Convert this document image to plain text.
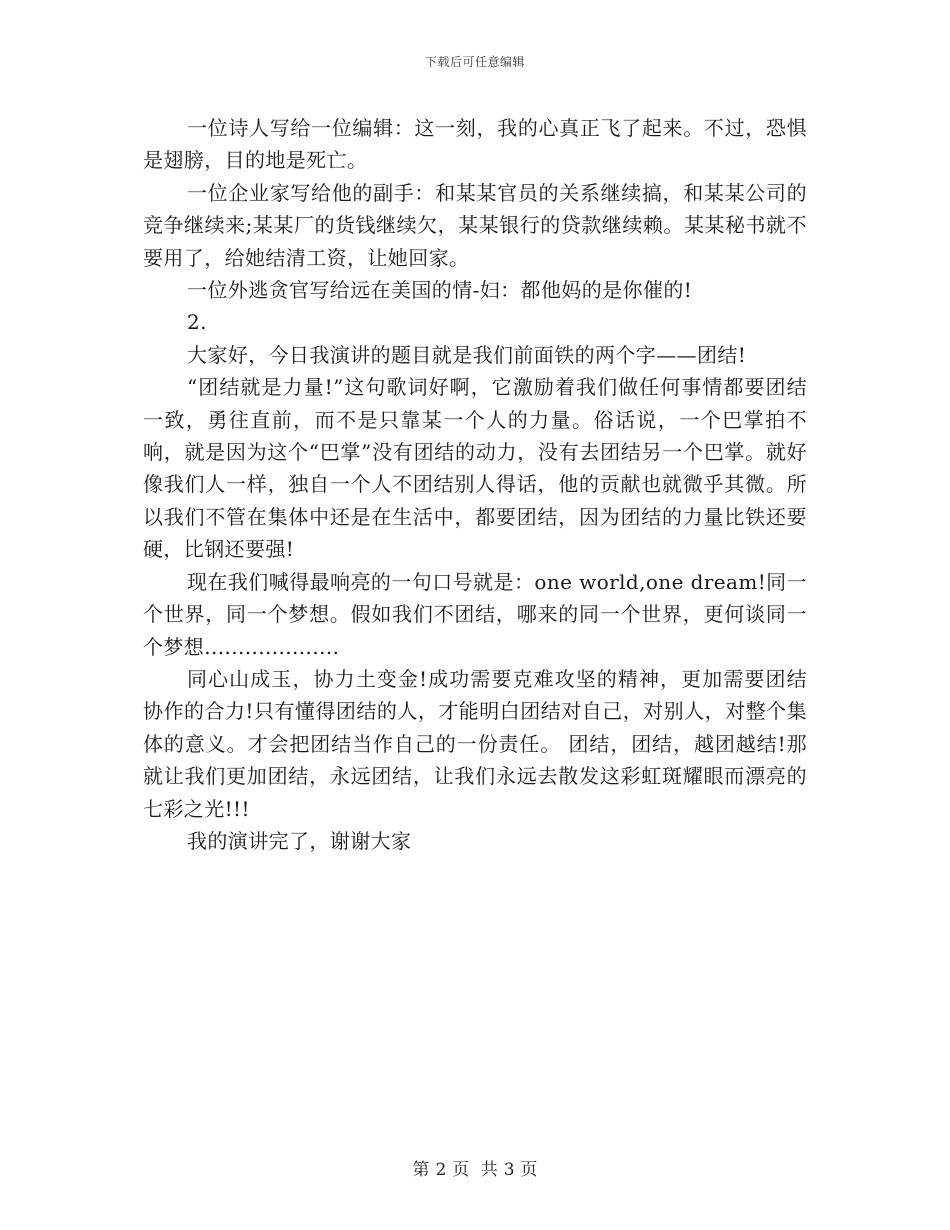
下载后可任意编辑

一位诗人写给一位编辑：这一刻，我的心真正飞了起来。不过，恐惧是翅膀，目的地是死亡。

一位企业家写给他的副手：和某某官员的关系继续搞，和某某公司的竞争继续来;某某厂的货钱继续欠，某某银行的贷款继续赖。某某秘书就不要用了，给她结清工资，让她回家。

一位外逃贪官写给远在美国的情-妇：都他妈的是你催的!

2.

大家好，今日我演讲的题目就是我们前面铁的两个字——团结!

“团结就是力量!”这句歌词好啊，它激励着我们做任何事情都要团结一致，勇往直前，而不是只靠某一个人的力量。俗话说，一个巴掌拍不响，就是因为这个“巴掌”没有团结的动力，没有去团结另一个巴掌。就好像我们人一样，独自一个人不团结别人得话，他的贡献也就微乎其微。所以我们不管在集体中还是在生活中，都要团结，因为团结的力量比铁还要硬，比钢还要强!

现在我们喊得最响亮的一句口号就是：one world,one dream!同一个世界，同一个梦想。假如我们不团结，哪来的同一个世界，更何谈同一个梦想....................

同心山成玉，协力土变金!成功需要克难攻坚的精神，更加需要团结协作的合力!只有懂得团结的人，才能明白团结对自己，对别人，对整个集体的意义。才会把团结当作自己的一份责任。 团结，团结，越团越结!那就让我们更加团结，永远团结，让我们永远去散发这彩虹斑耀眼而漂亮的七彩之光!!!

我的演讲完了，谢谢大家

第 2 页 共 3 页
